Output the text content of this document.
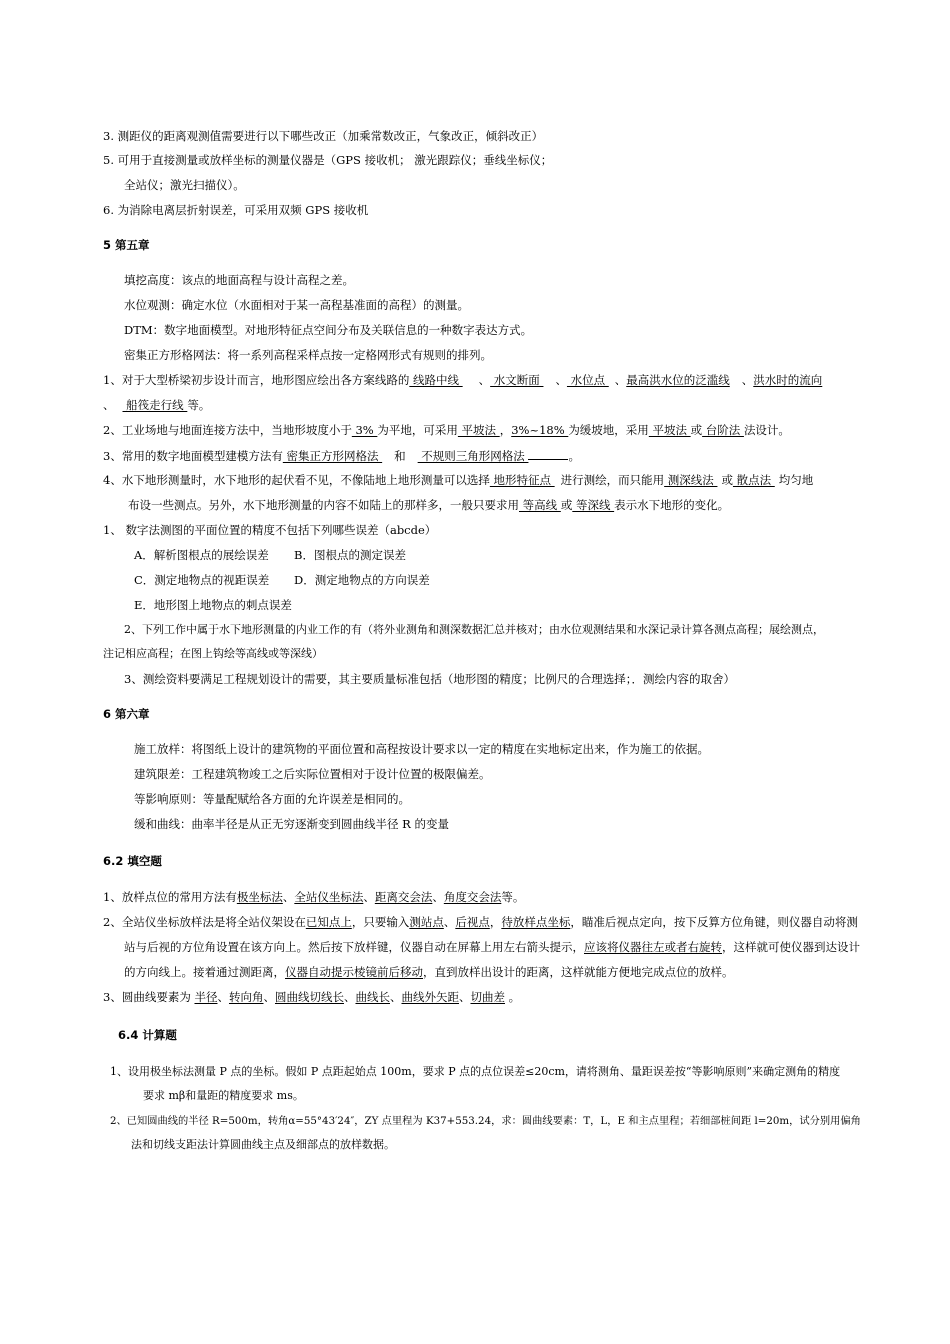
3. 测距仪的距离观测值需要进行以下哪些改正（加乘常数改正，气象改正，倾斜改正）
5. 可用于直接测量或放样坐标的测量仪器是（GPS 接收机； 激光跟踪仪；垂线坐标仪；
全站仪；激光扫描仪）。
6. 为消除电离层折射误差，可采用双频 GPS 接收机
5 第五章
填挖高度：该点的地面高程与设计高程之差。
水位观测：确定水位（水面相对于某一高程基准面的高程）的测量。
DTM：数字地面模型。对地形特征点空间分布及关联信息的一种数字表达方式。
密集正方形格网法：将一系列高程采样点按一定格网形式有规则的排列。
1、对于大型桥梁初步设计而言，地形图应绘出各方案线路的 线路中线 、 水文断面 、 水位点 、最高洪水位的泛滥线 、洪水时的流向
、 船筏走行线 等。
2、工业场地与地面连接方法中，当地形坡度小于 3% 为平地，可采用 平坡法 ，3%~18% 为缓坡地，采用 平坡法 或 台阶法 法设计。
3、常用的数字地面模型建模方法有 密集正方形网格法 和 不规则三角形网格法	。
4、水下地形测量时，水下地形的起伏看不见，不像陆地上地形测量可以选择 地形特征点 进行测绘，而只能用 测深线法 或 散点法 均匀地
布设一些测点。另外，水下地形测量的内容不如陆上的那样多，一般只要求用 等高线 或 等深线 表示水下地形的变化。
1、 数字法测图的平面位置的精度不包括下列哪些误差（abcde）
A．解析图根点的展绘误差 B．图根点的测定误差
C．测定地物点的视距误差 D．测定地物点的方向误差
E．地形图上地物点的刺点误差
2、下列工作中属于水下地形测量的内业工作的有（将外业测角和测深数据汇总并核对；由水位观测结果和水深记录计算各测点高程；展绘测点，
注记相应高程；在图上钩绘等高线或等深线）
3、测绘资料要满足工程规划设计的需要，其主要质量标准包括（地形图的精度；比例尺的合理选择；．测绘内容的取舍）
6 第六章
施工放样：将图纸上设计的建筑物的平面位置和高程按设计要求以一定的精度在实地标定出来，作为施工的依据。
建筑限差：工程建筑物竣工之后实际位置相对于设计位置的极限偏差。
等影响原则：等量配赋给各方面的允许误差是相同的。
缓和曲线：曲率半径是从正无穷逐渐变到圆曲线半径 R 的变量
6.2 填空题
1、放样点位的常用方法有极坐标法、全站仪坐标法、距离交会法、角度交会法等。
2、全站仪坐标放样法是将全站仪架设在已知点上，只要输入测站点、后视点，待放样点坐标，瞄准后视点定向，按下反算方位角键，则仪器自动将测
站与后视的方位角设置在该方向上。然后按下放样键，仪器自动在屏幕上用左右箭头提示，应该将仪器往左或者右旋转，这样就可使仪器到达设计
的方向线上。接着通过测距离，仪器自动提示棱镜前后移动，直到放样出设计的距离，这样就能方便地完成点位的放样。
3、圆曲线要素为 半径、转向角、圆曲线切线长、曲线长、曲线外矢距、切曲差 。
6.4 计算题
1、设用极坐标法测量 P 点的坐标。假如 P 点距起始点 100m，要求 P 点的点位误差≤20cm，请将测角、量距误差按“等影响原则”来确定测角的精度
要求 mβ和量距的精度要求 ms。
2、已知圆曲线的半径 R=500m，转角α=55°43′24″，ZY 点里程为 K37+553.24，求：圆曲线要素：T，L，E 和主点里程；若细部桩间距 l=20m，试分别用偏角
法和切线支距法计算圆曲线主点及细部点的放样数据。
